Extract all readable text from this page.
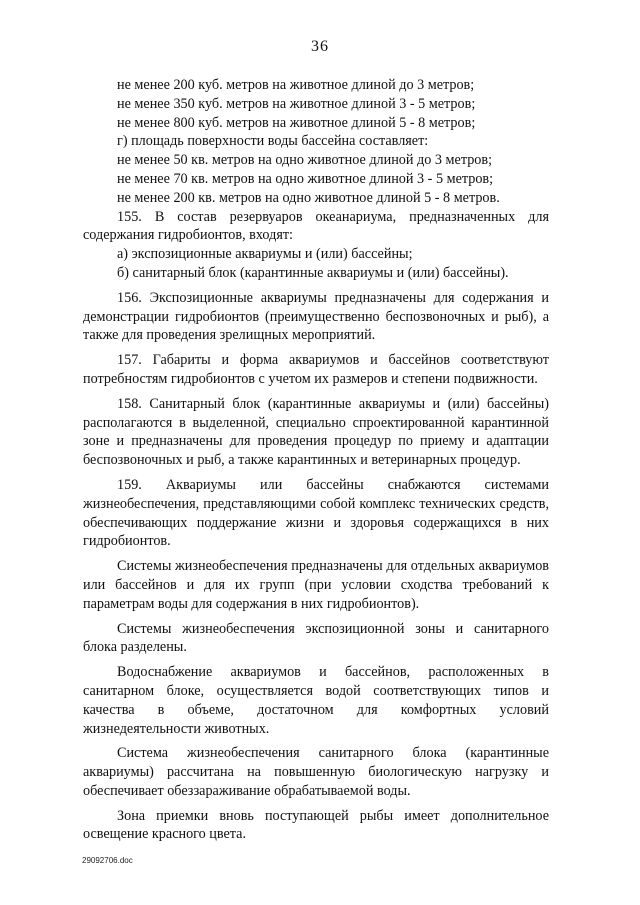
36

не менее 200 куб. метров на животное длиной до 3 метров;

не менее 350 куб. метров на животное длиной 3 - 5 метров;

не менее 800 куб. метров на животное длиной 5 - 8 метров;

г) площадь поверхности воды бассейна составляет:

не менее 50 кв. метров на одно животное длиной до 3 метров;

не менее 70 кв. метров на одно животное длиной 3 - 5 метров;

не менее 200 кв. метров на одно животное длиной 5 - 8 метров.

155. В состав резервуаров океанариума, предназначенных для содержания гидробионтов, входят:

а) экспозиционные аквариумы и (или) бассейны;

б) санитарный блок (карантинные аквариумы и (или) бассейны).

156. Экспозиционные аквариумы предназначены для содержания и демонстрации гидробионтов (преимущественно беспозвоночных и рыб), а также для проведения зрелищных мероприятий.

157. Габариты и форма аквариумов и бассейнов соответствуют потребностям гидробионтов с учетом их размеров и степени подвижности.

158. Санитарный блок (карантинные аквариумы и (или) бассейны) располагаются в выделенной, специально спроектированной карантинной зоне и предназначены для проведения процедур по приему и адаптации беспозвоночных и рыб, а также карантинных и ветеринарных процедур.

159. Аквариумы или бассейны снабжаются системами жизнеобеспечения, представляющими собой комплекс технических средств, обеспечивающих поддержание жизни и здоровья содержащихся в них гидробионтов.

Системы жизнеобеспечения предназначены для отдельных аквариумов или бассейнов и для их групп (при условии сходства требований к параметрам воды для содержания в них гидробионтов).

Системы жизнеобеспечения экспозиционной зоны и санитарного блока разделены.

Водоснабжение аквариумов и бассейнов, расположенных в санитарном блоке, осуществляется водой соответствующих типов и качества в объеме, достаточном для комфортных условий жизнедеятельности животных.

Система жизнеобеспечения санитарного блока (карантинные аквариумы) рассчитана на повышенную биологическую нагрузку и обеспечивает обеззараживание обрабатываемой воды.

Зона приемки вновь поступающей рыбы имеет дополнительное освещение красного цвета.

29092706.doc
